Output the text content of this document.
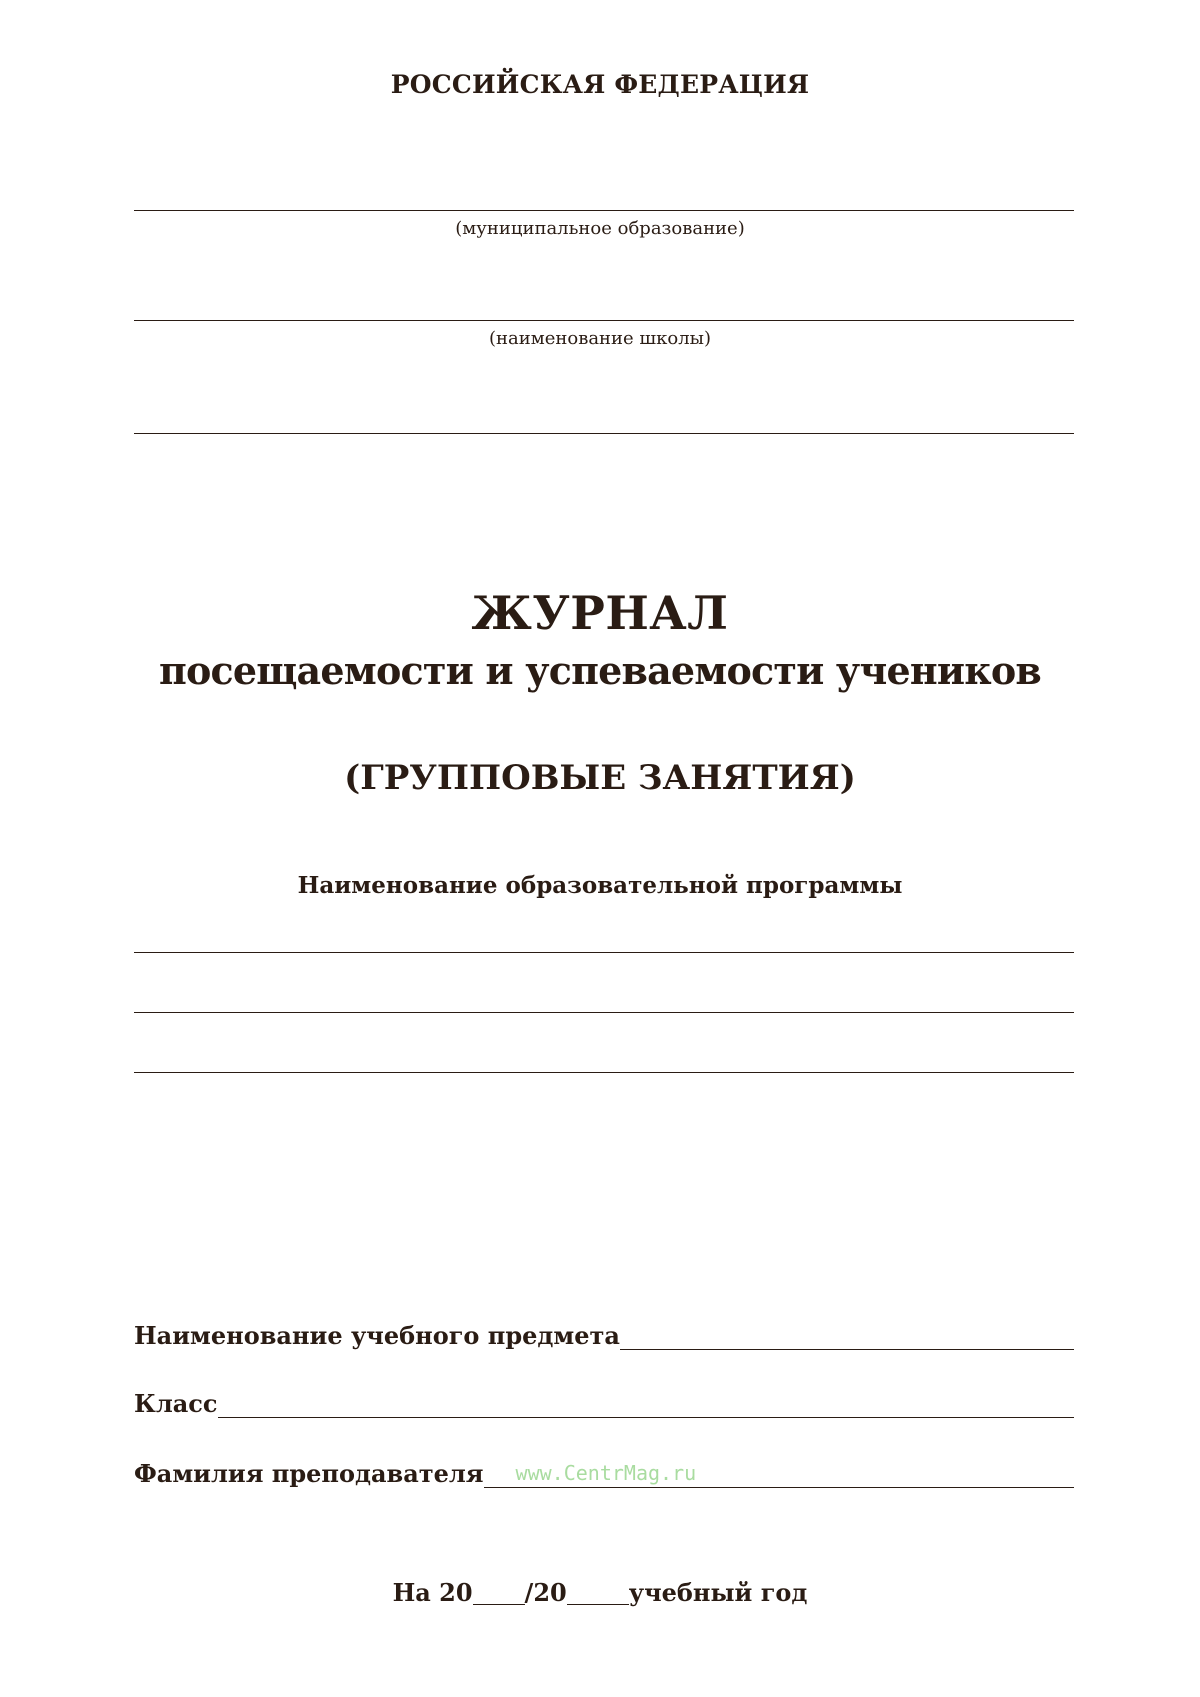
РОССИЙСКАЯ ФЕДЕРАЦИЯ
(муниципальное образование)
(наименование школы)
ЖУРНАЛ
посещаемости и успеваемости учеников
(ГРУППОВЫЕ ЗАНЯТИЯ)
Наименование образовательной программы
Наименование учебного предмета
Класс
Фамилия преподавателя www.CentrMag.ru
На 20 /20	учебный год
